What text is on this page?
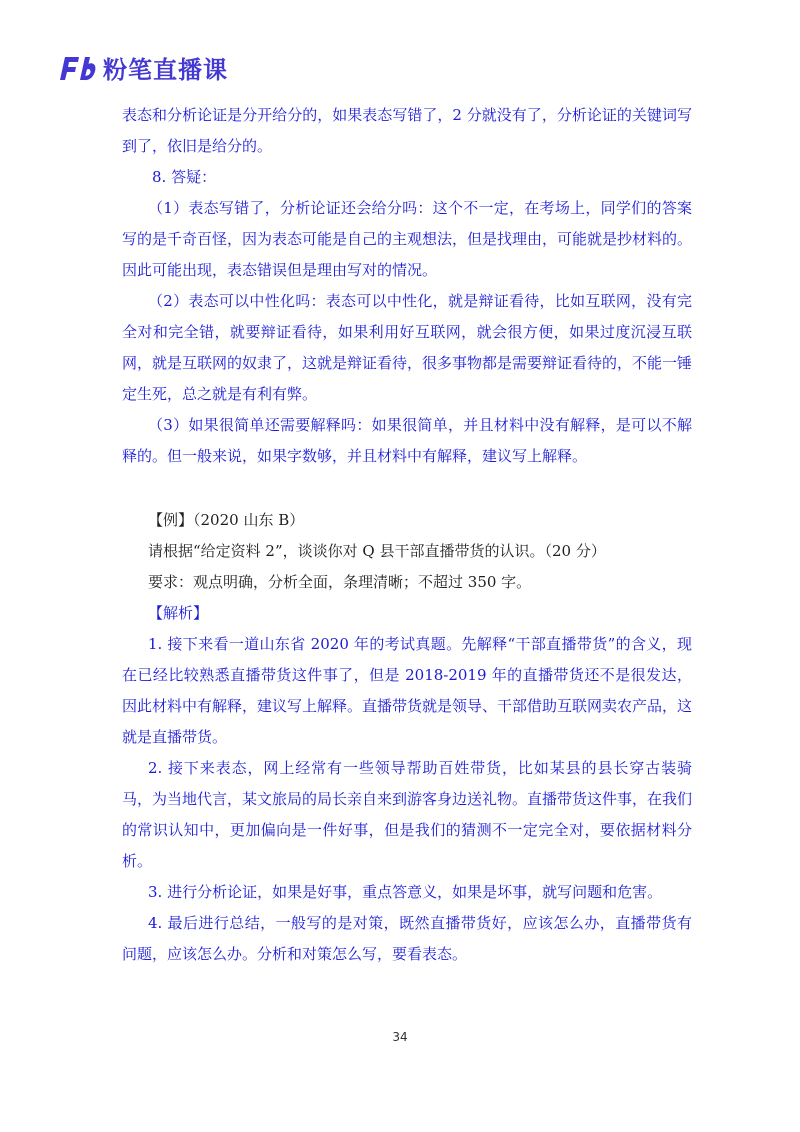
粉笔直播课

表态和分析论证是分开给分的，如果表态写错了，2 分就没有了，分析论证的关键词写到了，依旧是给分的。

8. 答疑：

（1）表态写错了，分析论证还会给分吗：这个不一定，在考场上，同学们的答案写的是千奇百怪，因为表态可能是自己的主观想法，但是找理由，可能就是抄材料的。因此可能出现，表态错误但是理由写对的情况。

（2）表态可以中性化吗：表态可以中性化，就是辩证看待，比如互联网，没有完全对和完全错，就要辩证看待，如果利用好互联网，就会很方便，如果过度沉浸互联网，就是互联网的奴隶了，这就是辩证看待，很多事物都是需要辩证看待的，不能一锤定生死，总之就是有利有弊。

（3）如果很简单还需要解释吗：如果很简单，并且材料中没有解释，是可以不解释的。但一般来说，如果字数够，并且材料中有解释，建议写上解释。

【例】（2020 山东 B）

请根据“给定资料 2”，谈谈你对 Q 县干部直播带货的认识。（20 分）

要求：观点明确，分析全面，条理清晰；不超过 350 字。

【解析】

1. 接下来看一道山东省 2020 年的考试真题。先解释“干部直播带货”的含义，现在已经比较熟悉直播带货这件事了，但是 2018-2019 年的直播带货还不是很发达，因此材料中有解释，建议写上解释。直播带货就是领导、干部借助互联网卖农产品，这就是直播带货。

2. 接下来表态，网上经常有一些领导帮助百姓带货，比如某县的县长穿古装骑马，为当地代言，某文旅局的局长亲自来到游客身边送礼物。直播带货这件事，在我们的常识认知中，更加偏向是一件好事，但是我们的猜测不一定完全对，要依据材料分析。

3. 进行分析论证，如果是好事，重点答意义，如果是坏事，就写问题和危害。

4. 最后进行总结，一般写的是对策，既然直播带货好，应该怎么办，直播带货有问题，应该怎么办。分析和对策怎么写，要看表态。

34
